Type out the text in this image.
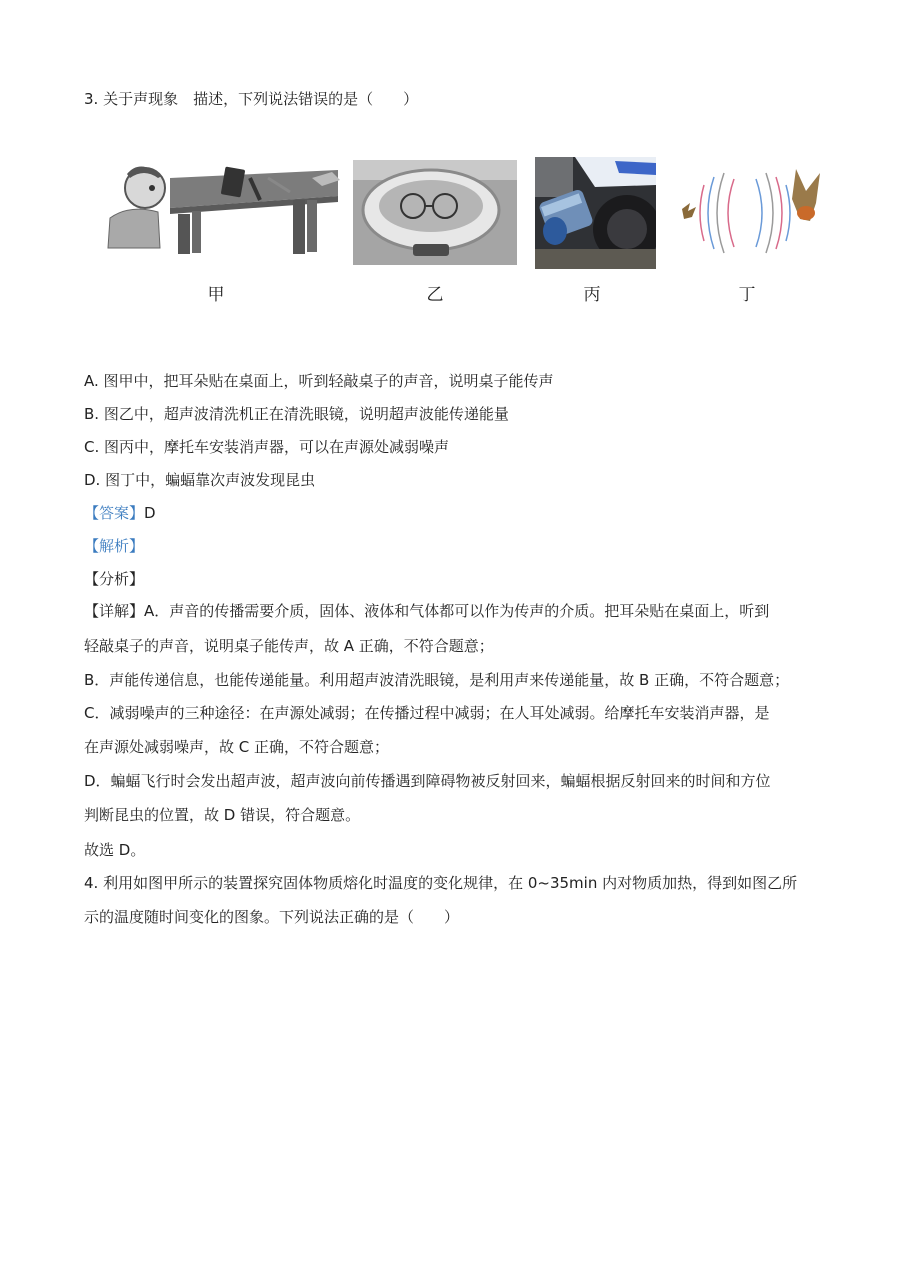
3. 关于声现象　描述，下列说法错误的是（　　）
甲	乙	丙	丁
A. 图甲中，把耳朵贴在桌面上，听到轻敲桌子的声音，说明桌子能传声
B. 图乙中，超声波清洗机正在清洗眼镜，说明超声波能传递能量
C. 图丙中，摩托车安装消声器，可以在声源处减弱噪声
D. 图丁中，蝙蝠靠次声波发现昆虫
【答案】D
【解析】
【分析】
【详解】A．声音的传播需要介质，固体、液体和气体都可以作为传声的介质。把耳朵贴在桌面上，听到
轻敲桌子的声音，说明桌子能传声，故 A 正确，不符合题意；
B．声能传递信息，也能传递能量。利用超声波清洗眼镜，是利用声来传递能量，故 B 正确，不符合题意；
C．减弱噪声的三种途径：在声源处减弱；在传播过程中减弱；在人耳处减弱。给摩托车安装消声器，是
在声源处减弱噪声，故 C 正确，不符合题意；
D．蝙蝠飞行时会发出超声波，超声波向前传播遇到障碍物被反射回来，蝙蝠根据反射回来的时间和方位
判断昆虫的位置，故 D 错误，符合题意。
故选 D。
4. 利用如图甲所示的装置探究固体物质熔化时温度的变化规律，在 0~35min 内对物质加热，得到如图乙所
示的温度随时间变化的图象。下列说法正确的是（　　）
